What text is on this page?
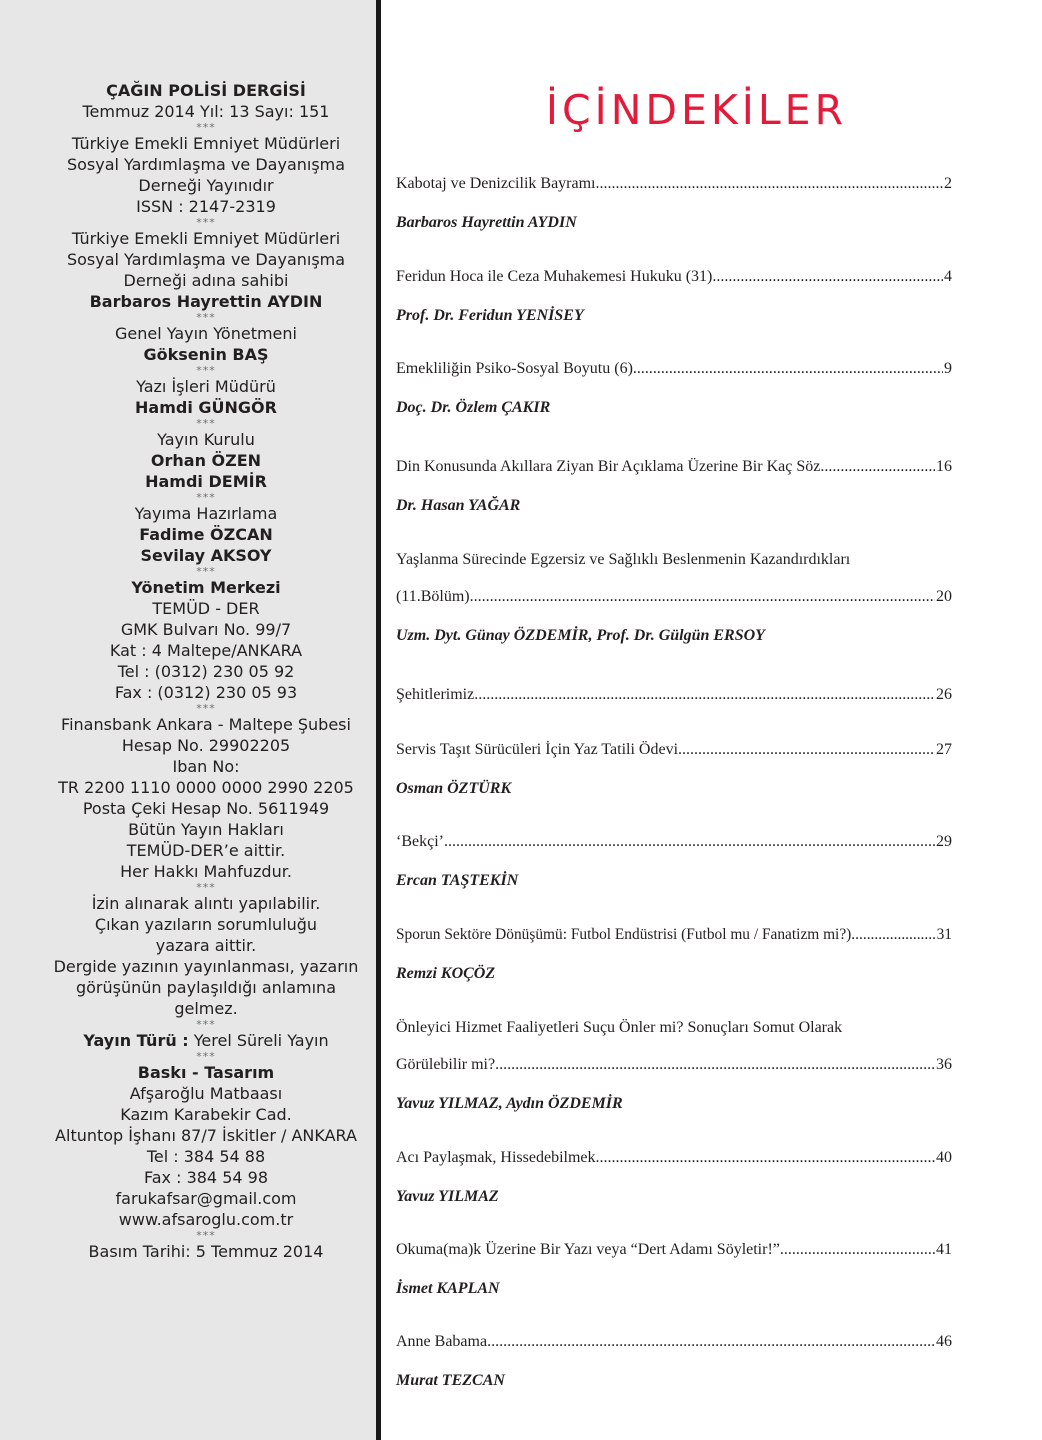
ÇAĞIN POLİSİ DERGİSİ
Temmuz 2014 Yıl: 13 Sayı: 151
***
Türkiye Emekli Emniyet Müdürleri
Sosyal Yardımlaşma ve Dayanışma
Derneği Yayınıdır
ISSN : 2147-2319
***
Türkiye Emekli Emniyet Müdürleri
Sosyal Yardımlaşma ve Dayanışma
Derneği adına sahibi
Barbaros Hayrettin AYDIN
***
Genel Yayın Yönetmeni
Göksenin BAŞ
***
Yazı İşleri Müdürü
Hamdi GÜNGÖR
***
Yayın Kurulu
Orhan ÖZEN
Hamdi DEMİR
***
Yayıma Hazırlama
Fadime ÖZCAN
Sevilay AKSOY
***
Yönetim Merkezi
TEMÜD - DER
GMK Bulvarı No. 99/7
Kat : 4 Maltepe/ANKARA
Tel : (0312) 230 05 92
Fax : (0312) 230 05 93
***
Finansbank Ankara - Maltepe Şubesi
Hesap No. 29902205
Iban No:
TR 2200 1110 0000 0000 2990 2205
Posta Çeki Hesap No. 5611949
Bütün Yayın Hakları
TEMÜD-DER’e aittir.
Her Hakkı Mahfuzdur.
***
İzin alınarak alıntı yapılabilir.
Çıkan yazıların sorumluluğu
yazara aittir.
Dergide yazının yayınlanması, yazarın
görüşünün paylaşıldığı anlamına
gelmez.
***
Yayın Türü : Yerel Süreli Yayın
***
Baskı - Tasarım
Afşaroğlu Matbaası
Kazım Karabekir Cad.
Altuntop İşhanı 87/7 İskitler / ANKARA
Tel : 384 54 88
Fax : 384 54 98
farukafsar@gmail.com
www.afsaroglu.com.tr
***
Basım Tarihi: 5 Temmuz 2014
İÇİNDEKİLER
Kabotaj ve Denizcilik Bayramı .....	2
Barbaros Hayrettin AYDIN
Feridun Hoca ile Ceza Muhakemesi Hukuku (31) .....	4
Prof. Dr. Feridun YENİSEY
Emekliliğin Psiko-Sosyal Boyutu (6) .....	9
Doç. Dr. Özlem ÇAKIR
Din Konusunda Akıllara Ziyan Bir Açıklama Üzerine Bir Kaç Söz .....	16
Dr. Hasan YAĞAR
Yaşlanma Sürecinde Egzersiz ve Sağlıklı Beslenmenin Kazandırdıkları
(11.Bölüm) .....	20
Uzm. Dyt. Günay ÖZDEMİR, Prof. Dr. Gülgün ERSOY
Şehitlerimiz .....	26
Servis Taşıt Sürücüleri İçin Yaz Tatili Ödevi .....	27
Osman ÖZTÜRK
‘Bekçi’ .....	29
Ercan TAŞTEKİN
Sporun Sektöre Dönüşümü: Futbol Endüstrisi (Futbol mu / Fanatizm mi?) .....	31
Remzi KOÇÖZ
Önleyici Hizmet Faaliyetleri Suçu Önler mi? Sonuçları Somut Olarak
Görülebilir mi? .....	36
Yavuz YILMAZ, Aydın ÖZDEMİR
Acı Paylaşmak, Hissedebilmek .....	40
Yavuz YILMAZ
Okuma(ma)k Üzerine Bir Yazı veya “Dert Adamı Söyletir!” .....	41
İsmet KAPLAN
Anne Babama .....	46
Murat TEZCAN
